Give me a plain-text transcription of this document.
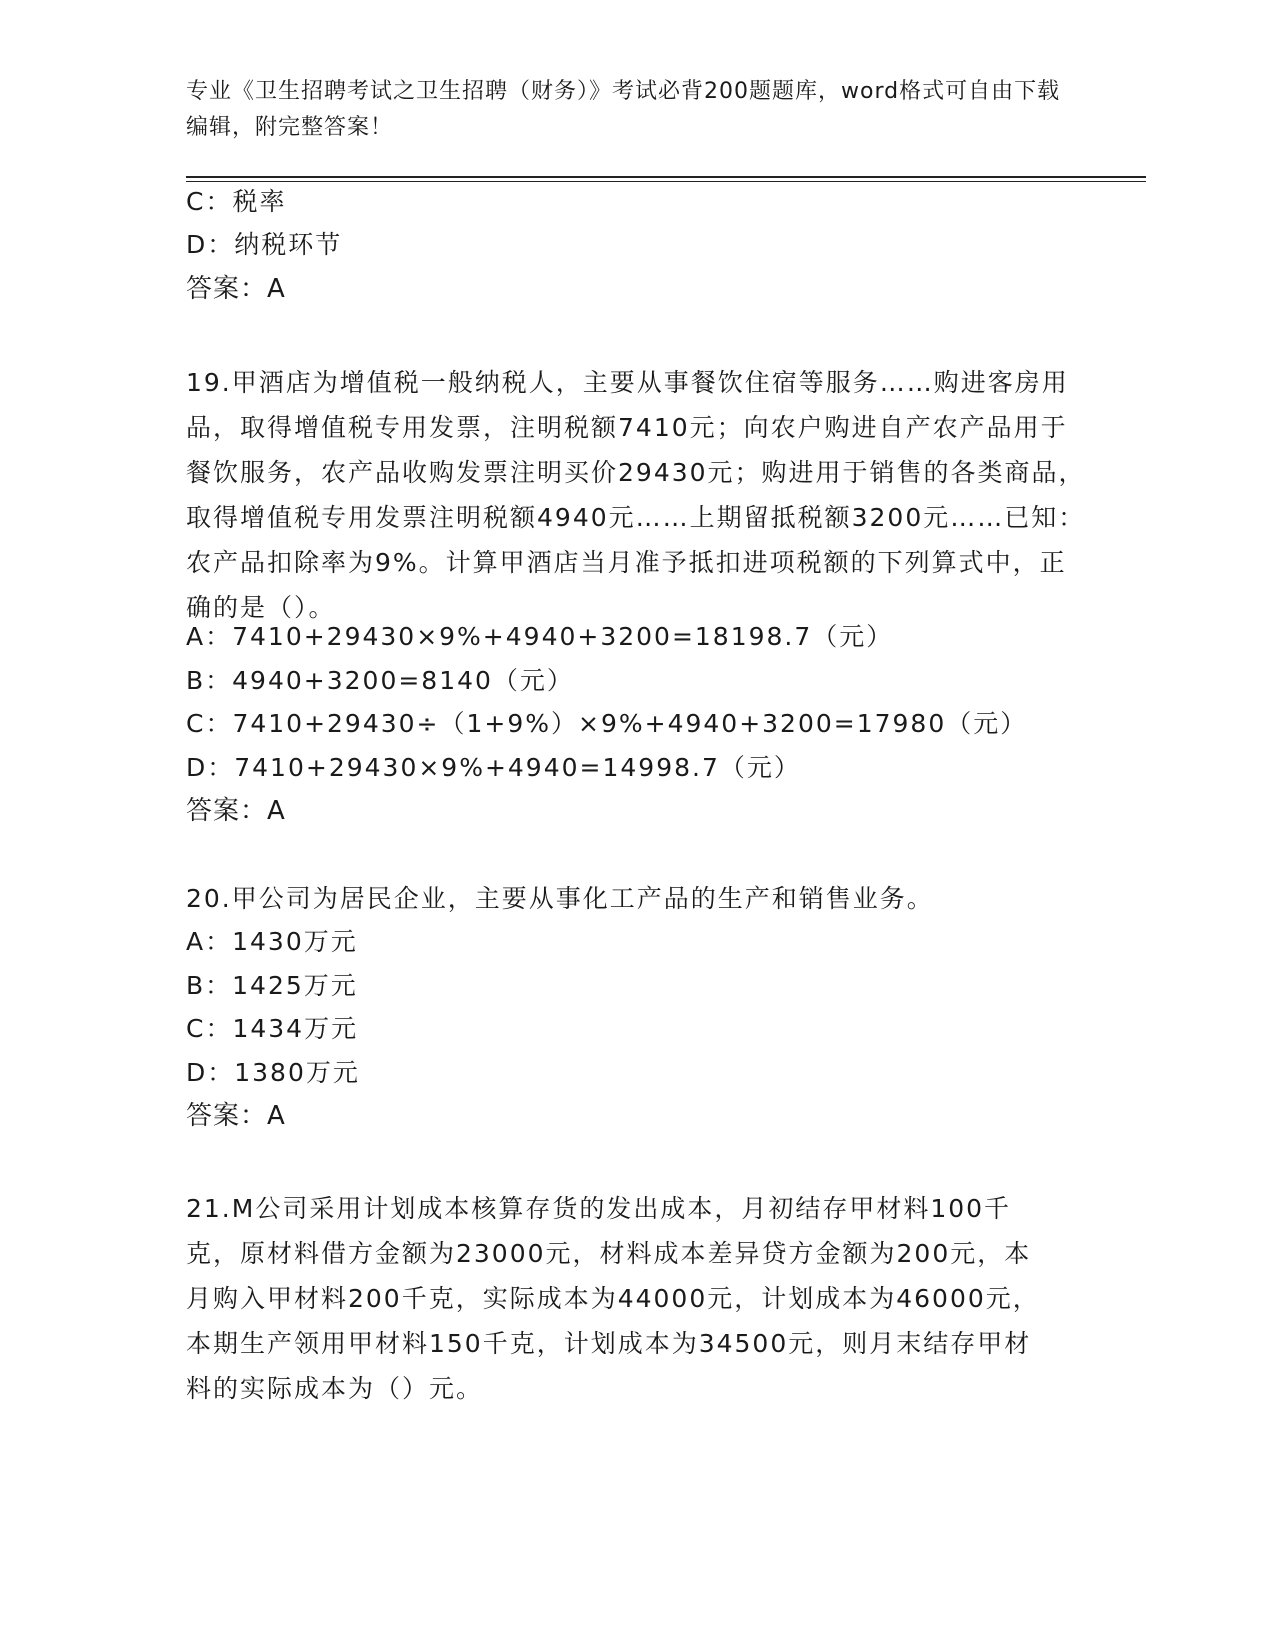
专业《卫生招聘考试之卫生招聘（财务）》考试必背200题题库，word格式可自由下载编辑，附完整答案！
C：税率
D：纳税环节
答案：A
19.甲酒店为增值税一般纳税人，主要从事餐饮住宿等服务……购进客房用品，取得增值税专用发票，注明税额7410元；向农户购进自产农产品用于餐饮服务，农产品收购发票注明买价29430元；购进用于销售的各类商品，取得增值税专用发票注明税额4940元……上期留抵税额3200元……已知：农产品扣除率为9%。计算甲酒店当月准予抵扣进项税额的下列算式中，正确的是（）。
A：7410+29430×9%+4940+3200=18198.7（元）
B：4940+3200=8140（元）
C：7410+29430÷（1+9%）×9%+4940+3200=17980（元）
D：7410+29430×9%+4940=14998.7（元）
答案：A
20.甲公司为居民企业，主要从事化工产品的生产和销售业务。
A：1430万元
B：1425万元
C：1434万元
D：1380万元
答案：A
21.M公司采用计划成本核算存货的发出成本，月初结存甲材料100千克，原材料借方金额为23000元，材料成本差异贷方金额为200元，本月购入甲材料200千克，实际成本为44000元，计划成本为46000元，本期生产领用甲材料150千克，计划成本为34500元，则月末结存甲材料的实际成本为（）元。
